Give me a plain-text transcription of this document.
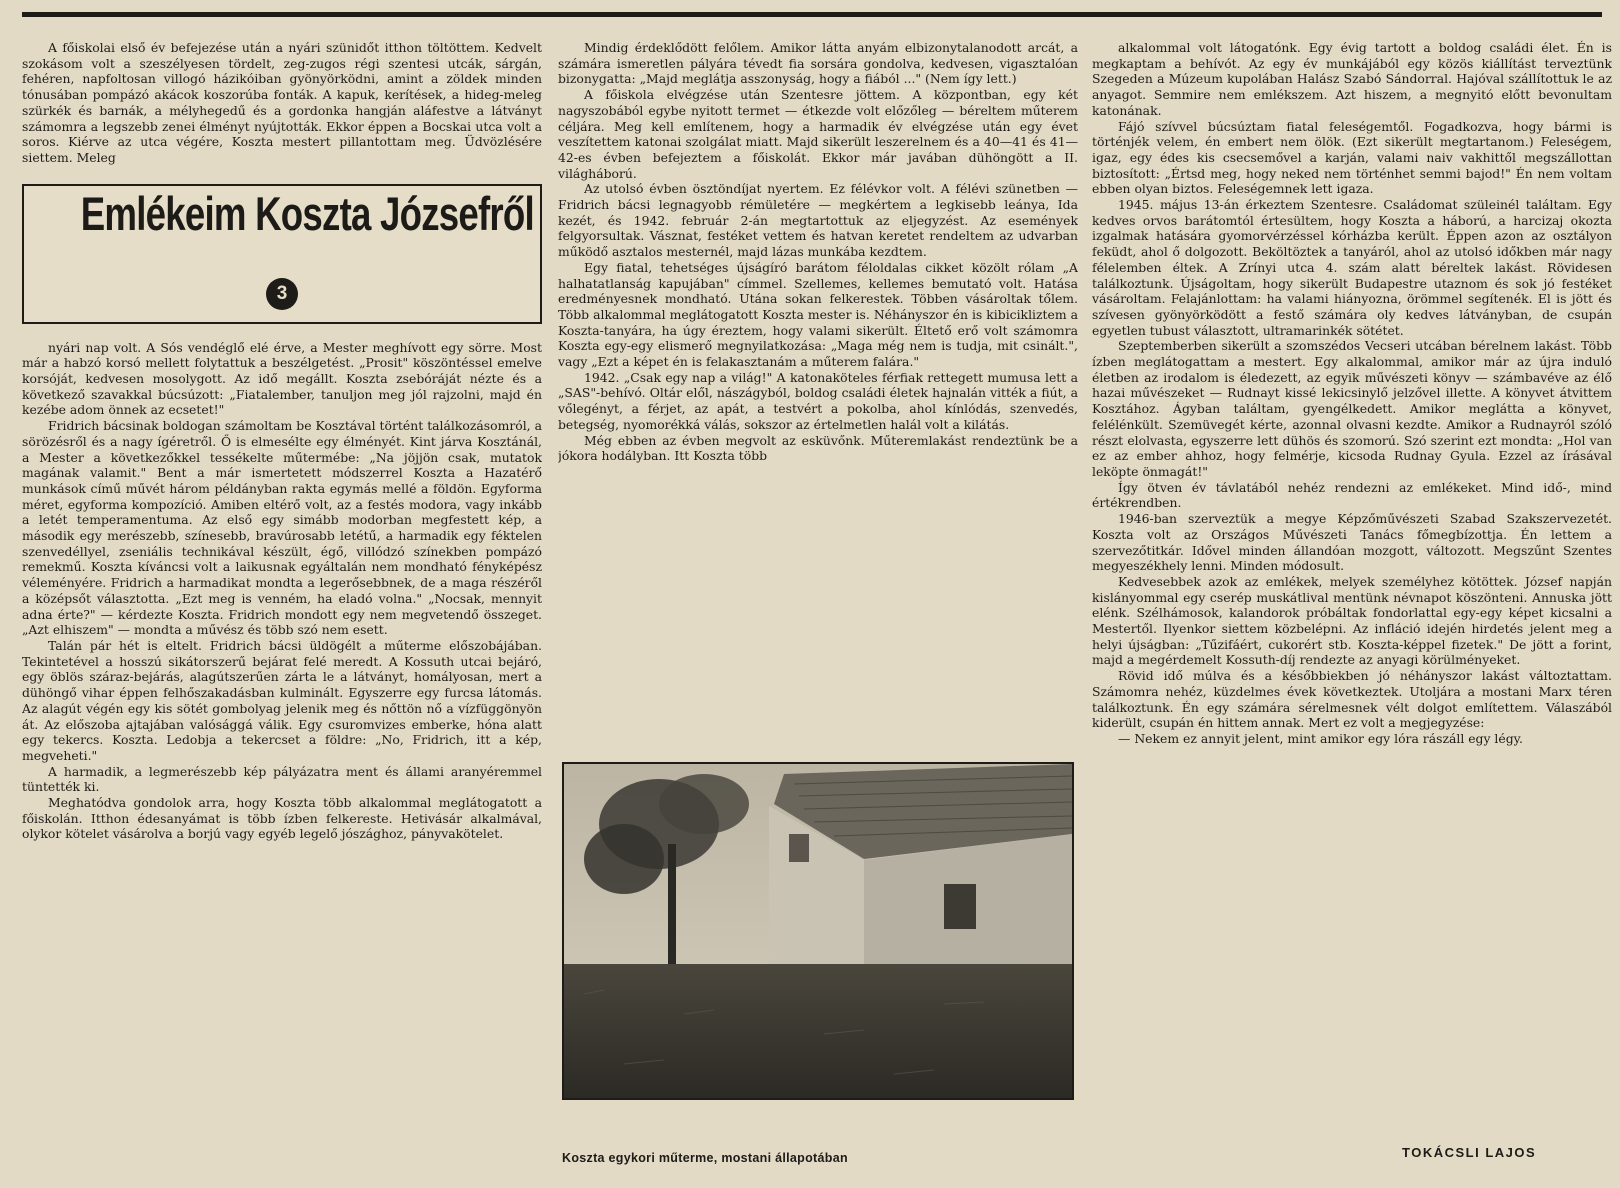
A főiskolai első év befejezése után a nyári szünidőt itthon töltöttem. Kedvelt szokásom volt a szeszélyesen tördelt, zeg-zugos régi szentesi utcák, sárgán, fehéren, napfoltosan villogó házikóiban gyönyörködni, amint a zöldek minden tónusában pompázó akácok koszorúba fonták. A kapuk, kerítések, a hideg-meleg szürkék és barnák, a mélyhegedű és a gordonka hangján aláfestve a látványt számomra a legszebb zenei élményt nyújtották. Ekkor éppen a Bocskai utca volt a soros. Kiérve az utca végére, Koszta mestert pillantottam meg. Üdvözlésére siettem. Meleg

Emlékeim Koszta Józsefről
3

nyári nap volt. A Sós vendéglő elé érve, a Mester meghívott egy sörre. Most már a habzó korsó mellett folytattuk a beszélgetést. „Prosit" köszöntéssel emelve korsóját, kedvesen mosolygott. Az idő megállt. Koszta zsebóráját nézte és a következő szavakkal búcsúzott: „Fiatalember, tanuljon meg jól rajzolni, majd én kezébe adom önnek az ecsetet!"

Fridrich bácsinak boldogan számoltam be Kosztával történt találkozásomról, a sörözésről és a nagy ígéretről. Ő is elmesélte egy élményét. Kint járva Kosztánál, a Mester a következőkkel tessékelte műtermébe: „Na jöjjön csak, mutatok magának valamit." Bent a már ismertetett módszerrel Koszta a Hazatérő munkások című művét három példányban rakta egymás mellé a földön. Egyforma méret, egyforma kompozíció. Amiben eltérő volt, az a festés modora, vagy inkább a letét temperamentuma. Az első egy simább modorban megfestett kép, a második egy merészebb, színesebb, bravúrosabb letétű, a harmadik egy féktelen szenvedéllyel, zseniális technikával készült, égő, villódzó színekben pompázó remekmű. Koszta kíváncsi volt a laikusnak egyáltalán nem mondható fényképész véleményére. Fridrich a harmadikat mondta a legerősebbnek, de a maga részéről a középsőt választotta. „Ezt meg is venném, ha eladó volna." „Nocsak, mennyit adna érte?" — kérdezte Koszta. Fridrich mondott egy nem megvetendő összeget. „Azt elhiszem" — mondta a művész és több szó nem esett.

Talán pár hét is eltelt. Fridrich bácsi üldögélt a műterme előszobájában. Tekintetével a hosszú sikátorszerű bejárat felé meredt. A Kossuth utcai bejáró, egy öblös száraz-bejárás, alagútszerűen zárta le a látványt, homályosan, mert a dühöngő vihar éppen felhőszakadásban kulminált. Egyszerre egy furcsa látomás. Az alagút végén egy kis sötét gombolyag jelenik meg és nőttön nő a vízfüggönyön át. Az előszoba ajtajában valósággá válik. Egy csuromvizes emberke, hóna alatt egy tekercs. Koszta. Ledobja a tekercset a földre: „No, Fridrich, itt a kép, megveheti."

A harmadik, a legmerészebb kép pályázatra ment és állami aranyéremmel tüntették ki.

Meghatódva gondolok arra, hogy Koszta több alkalommal meglátogatott a főiskolán. Itthon édesanyámat is több ízben felkereste. Hetivásár alkalmával, olykor kötelet vásárolva a borjú vagy egyéb legelő jószághoz, pányvakötelet.

Mindig érdeklődött felőlem. Amikor látta anyám elbizonytalanodott arcát, a számára ismeretlen pályára tévedt fia sorsára gondolva, kedvesen, vigasztalóan bizonygatta: „Majd meglátja asszonyság, hogy a fiából ..." (Nem így lett.)

A főiskola elvégzése után Szentesre jöttem. A központban, egy két nagyszobából egybe nyitott termet — étkezde volt előzőleg — béreltem műterem céljára. Meg kell említenem, hogy a harmadik év elvégzése után egy évet veszítettem katonai szolgálat miatt. Majd sikerült leszerelnem és a 40—41 és 41—42-es évben befejeztem a főiskolát. Ekkor már javában dühöngött a II. világháború.

Az utolsó évben ösztöndíjat nyertem. Ez félévkor volt. A félévi szünetben — Fridrich bácsi legnagyobb rémületére — megkértem a legkisebb leánya, Ida kezét, és 1942. február 2-án megtartottuk az eljegyzést. Az események felgyorsultak. Vásznat, festéket vettem és hatvan keretet rendeltem az udvarban működő asztalos mesternél, majd lázas munkába kezdtem.

Egy fiatal, tehetséges újságíró barátom féloldalas cikket közölt rólam „A halhatatlanság kapujában" címmel. Szellemes, kellemes bemutató volt. Hatása eredményesnek mondható. Utána sokan felkerestek. Többen vásároltak tőlem. Több alkalommal meglátogatott Koszta mester is. Néhányszor én is kibicikliztem a Koszta-tanyára, ha úgy éreztem, hogy valami sikerült. Éltető erő volt számomra Koszta egy-egy elismerő megnyilatkozása: „Maga még nem is tudja, mit csinált.", vagy „Ezt a képet én is felakasztanám a műterem falára."

1942. „Csak egy nap a világ!" A katonaköteles férfiak rettegett mumusa lett a „SAS"-behívó. Oltár elől, nászágyból, boldog családi életek hajnalán vitték a fiút, a vőlegényt, a férjet, az apát, a testvért a pokolba, ahol kínlódás, szenvedés, betegség, nyomorékká válás, sokszor az értelmetlen halál volt a kilátás.

Még ebben az évben megvolt az esküvőnk. Műteremlakást rendeztünk be a jókora hodályban. Itt Koszta több

Koszta egykori műterme, mostani állapotában

alkalommal volt látogatónk. Egy évig tartott a boldog családi élet. Én is megkaptam a behívót. Az egy év munkájából egy közös kiállítást terveztünk Szegeden a Múzeum kupolában Halász Szabó Sándorral. Hajóval szállítottuk le az anyagot. Semmire nem emlékszem. Azt hiszem, a megnyitó előtt bevonultam katonának.

Fájó szívvel búcsúztam fiatal feleségemtől. Fogadkozva, hogy bármi is történjék velem, én embert nem ölök. (Ezt sikerült megtartanom.) Feleségem, igaz, egy édes kis csecsemővel a karján, valami naiv vakhittől megszállottan biztosított: „Értsd meg, hogy neked nem történhet semmi bajod!" Én nem voltam ebben olyan biztos. Feleségemnek lett igaza.

1945. május 13-án érkeztem Szentesre. Családomat szüleinél találtam. Egy kedves orvos barátomtól értesültem, hogy Koszta a háború, a harcizaj okozta izgalmak hatására gyomorvérzéssel kórházba került. Éppen azon az osztályon feküdt, ahol ő dolgozott. Beköltöztek a tanyáról, ahol az utolsó időkben már nagy félelemben éltek. A Zrínyi utca 4. szám alatt béreltek lakást. Rövidesen találkoztunk. Újságoltam, hogy sikerült Budapestre utaznom és sok jó festéket vásároltam. Felajánlottam: ha valami hiányozna, örömmel segítenék. El is jött és szívesen gyönyörködött a festő számára oly kedves látványban, de csupán egyetlen tubust választott, ultramarinkék sötétet.

Szeptemberben sikerült a szomszédos Vecseri utcában bérelnem lakást. Több ízben meglátogattam a mestert. Egy alkalommal, amikor már az újra induló életben az irodalom is éledezett, az egyik művészeti könyv — számbavéve az élő hazai művészeket — Rudnayt kissé lekicsinylő jelzővel illette. A könyvet átvittem Kosztához. Ágyban találtam, gyengélkedett. Amikor meglátta a könyvet, felélénkült. Szemüvegét kérte, azonnal olvasni kezdte. Amikor a Rudnayról szóló részt elolvasta, egyszerre lett dühös és szomorú. Szó szerint ezt mondta: „Hol van ez az ember ahhoz, hogy felmérje, kicsoda Rudnay Gyula. Ezzel az írásával leköpte önmagát!"

Így ötven év távlatából nehéz rendezni az emlékeket. Mind idő-, mind értékrendben.

1946-ban szerveztük a megye Képzőművészeti Szabad Szakszervezetét. Koszta volt az Országos Művészeti Tanács főmegbízottja. Én lettem a szervezőtitkár. Idővel minden állandóan mozgott, változott. Megszűnt Szentes megyeszékhely lenni. Minden módosult.

Kedvesebbek azok az emlékek, melyek személyhez kötöttek. József napján kislányommal egy cserép muskátlival mentünk névnapot köszönteni. Annuska jött elénk. Szélhámosok, kalandorok próbáltak fondorlattal egy-egy képet kicsalni a Mestertől. Ilyenkor siettem közbelépni. Az infláció idején hirdetés jelent meg a helyi újságban: „Tűzifáért, cukorért stb. Koszta-képpel fizetek." De jött a forint, majd a megérdemelt Kossuth-díj rendezte az anyagi körülményeket.

Rövid idő múlva és a későbbiekben jó néhányszor lakást változtattam. Számomra nehéz, küzdelmes évek következtek. Utoljára a mostani Marx téren találkoztunk. Én egy számára sérelmesnek vélt dolgot említettem. Válaszából kiderült, csupán én hittem annak. Mert ez volt a megjegyzése:

— Nekem ez annyit jelent, mint amikor egy lóra rászáll egy légy.

TOKÁCSLI LAJOS
